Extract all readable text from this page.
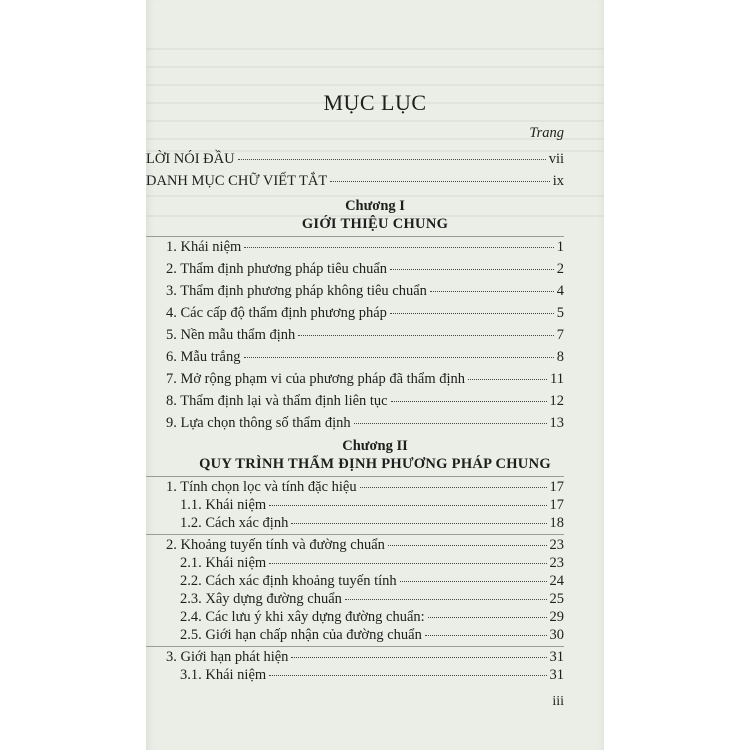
MỤC LỤC
Trang
LỜI NÓI ĐẦU	vii
DANH MỤC CHỮ VIẾT TẮT	ix
Chương I
GIỚI THIỆU CHUNG
1. Khái niệm	1
2. Thẩm định phương pháp tiêu chuẩn	2
3. Thẩm định phương pháp không tiêu chuẩn	4
4. Các cấp độ thẩm định phương pháp	5
5. Nền mẫu thẩm định	7
6. Mẫu trắng	8
7. Mở rộng phạm vi của phương pháp đã thẩm định	11
8. Thẩm định lại và thẩm định liên tục	12
9. Lựa chọn thông số thẩm định	13
Chương II
QUY TRÌNH THẨM ĐỊNH PHƯƠNG PHÁP CHUNG
1. Tính chọn lọc và tính đặc hiệu	17
1.1. Khái niệm	17
1.2. Cách xác định	18
2. Khoảng tuyến tính và đường chuẩn	23
2.1. Khái niệm	23
2.2. Cách xác định khoảng tuyến tính	24
2.3. Xây dựng đường chuẩn	25
2.4. Các lưu ý khi xây dựng đường chuẩn:	29
2.5. Giới hạn chấp nhận của đường chuẩn	30
3. Giới hạn phát hiện	31
3.1. Khái niệm	31
iii
